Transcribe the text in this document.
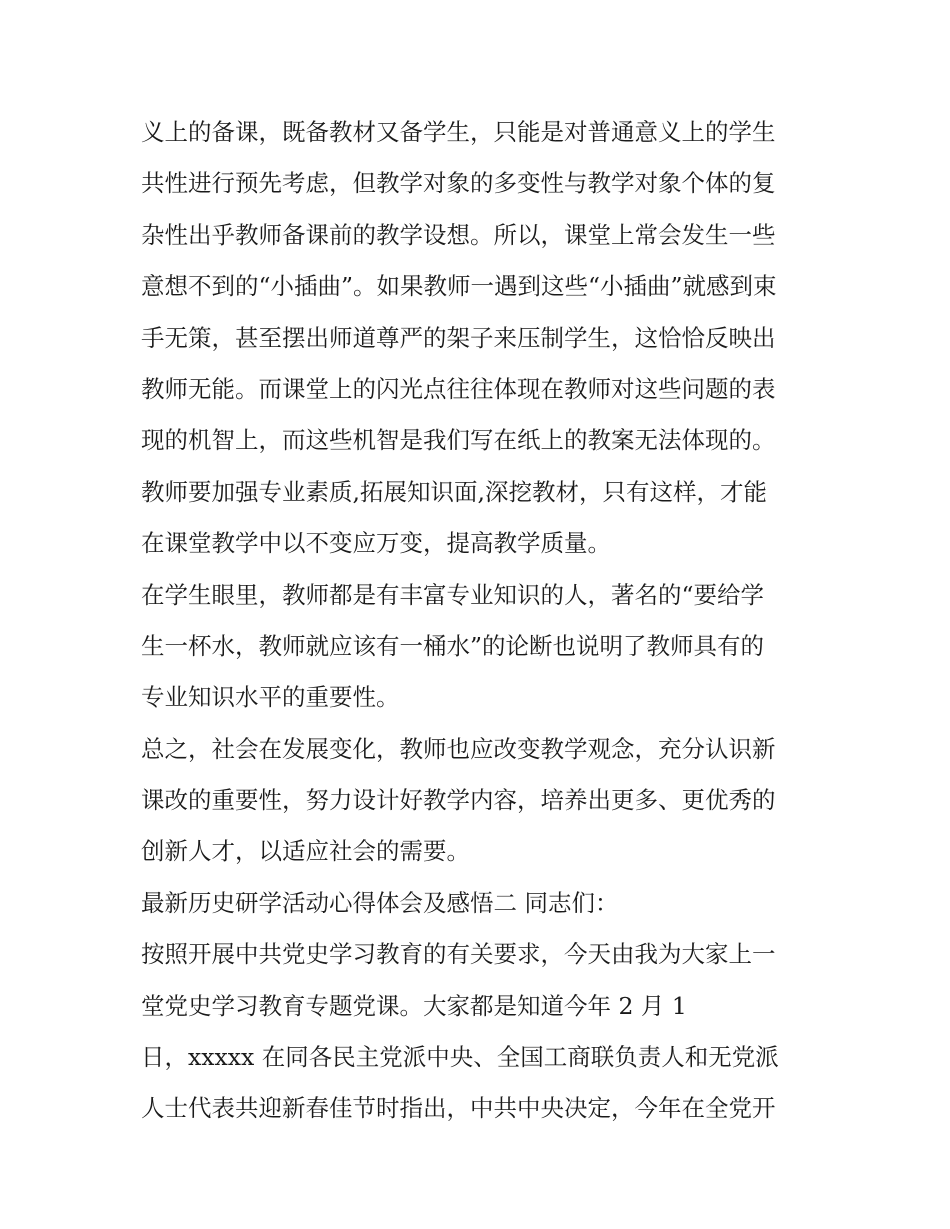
义上的备课，既备教材又备学生，只能是对普通意义上的学生
共性进行预先考虑，但教学对象的多变性与教学对象个体的复
杂性出乎教师备课前的教学设想。所以，课堂上常会发生一些
意想不到的“小插曲”。如果教师一遇到这些“小插曲”就感到束
手无策，甚至摆出师道尊严的架子来压制学生，这恰恰反映出
教师无能。而课堂上的闪光点往往体现在教师对这些问题的表
现的机智上，而这些机智是我们写在纸上的教案无法体现的。
教师要加强专业素质,拓展知识面,深挖教材，只有这样，才能
在课堂教学中以不变应万变，提高教学质量。
在学生眼里，教师都是有丰富专业知识的人，著名的“要给学
生一杯水，教师就应该有一桶水”的论断也说明了教师具有的
专业知识水平的重要性。
总之，社会在发展变化，教师也应改变教学观念，充分认识新
课改的重要性，努力设计好教学内容，培养出更多、更优秀的
创新人才，以适应社会的需要。
最新历史研学活动心得体会及感悟二 同志们：
按照开展中共党史学习教育的有关要求，今天由我为大家上一
堂党史学习教育专题党课。大家都是知道今年 2 月 1
日，xxxxx 在同各民主党派中央、全国工商联负责人和无党派
人士代表共迎新春佳节时指出，中共中央决定，今年在全党开
